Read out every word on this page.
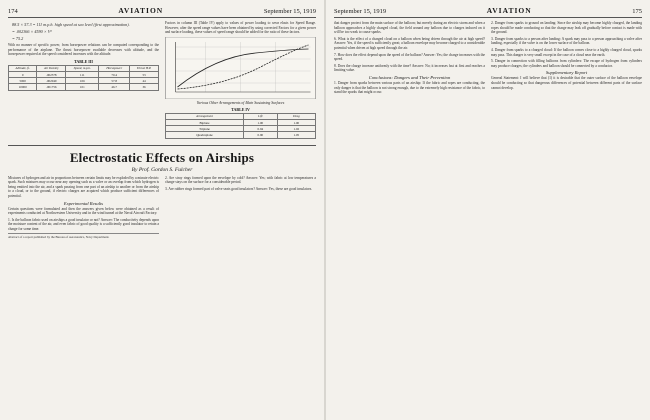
174	AVIATION	September 15, 1919
88.5 × 57.3 = 111 m.p.h. high speed at sea level (first approximation).
= .002366 × 4590 × V²
= 75.2

With no manner of specific power, from horsepower relations can be computed corresponding to the performance of the airplane. The thrust horsepower available decreases with altitude, and the horsepower required at the speed considered increases with the altitude.

TABLE III
Altitude, ft.	Air Density	Speed, m.p.h.	Horsepower	Thrust H.P.
0	.002378	111	70.4	53
5000	.002049	106	57.8	44
10000	.001756	101	46.7	36

Factors in column III (Table IV) apply to values of power loading to wear elasts for Speed Range. However, after the speed range values have been obtained by using corrected Factors for a given power and surface loading, these values of speed range should be added for the ratio of these factors.

Various Other Arrangements of Main Sustaining Surfaces
TABLE IV
Arrangement	Lift	Drag
Biplane	1.00	1.00
Triplane	0.94	1.02
Quadruplane	0.90	1.05
Electrostatic Effects on Airships
By Prof. Gordon S. Fulcher

Mixtures of hydrogen and air in proportions between certain limits may be exploded by a minute electric spark. Such mixtures may occur near any opening such as a valve or an overlap from which hydrogen is being emitted into the air, and a spark passing from one part of an airship to another or from the airship to a cloud, or to the ground, if electric charges are acquired which produce sufficient differences of potential.

Experimental Results

Certain questions were formulated and then the answers given below were obtained as a result of experiments conducted at Northwestern University and in the wind tunnel at the Naval Aircraft Factory.

1. Is the balloon fabric used on airships a good insulator or not? Answer: The conductivity depends upon the moisture content of the air, and even fabric of good quality is a sufficiently good insulator to retain a charge for some time.

Abstract of a report published by the Bureau of Aeronautics, Navy Department.

2. Are stray rings formed upon the envelope by cold? Answer: Yes; with fabric at low temperatures a charge stays on the surface for a considerable period.

3. Are rubber rings formed part of valve seats good insulators? Answer: Yes, these are good insulators.

September 15, 1919	AVIATION	175

that danger protect from the main surface of the balloon; but merely during an electric storm and when a balloon approaches a highly charged cloud, the field around any balloon due to charges induced on it will be too weak to cause sparks.

6. What is the effect of a charged cloud on a balloon when being driven through the air at high speed? Answer: Yes, if the speed is sufficiently great; a balloon envelope may become charged to a considerable potential when driven at high speed through the air.

7. How does the effect depend upon the speed of the balloon? Answer: Yes; the charge increases with the speed.

8. Does the charge increase uniformly with the time? Answer: No; it increases fast at first and reaches a limiting value.

Conclusions: Dangers and Their Prevention

1. Danger from sparks between various parts of an airship: If the fabric and ropes are conducting, the only danger is that the balloon is not strong enough, due to the extremely high resistance of the fabric, to stand the sparks that might occur.

2. Danger from sparks to ground on landing: Since the airship may become highly charged, the landing ropes should be made conducting so that the charge may leak off gradually before contact is made with the ground.

3. Danger from sparks to a person after landing: A spark may pass to a person approaching a valve after landing, especially if the valve is on the lower surface of the balloon.

4. Danger from sparks to a charged cloud: If the balloon comes close to a highly charged cloud, sparks may pass. This danger is very small except in the case of a cloud near the earth.

5. Danger in connection with filling balloons from cylinders: The escape of hydrogen from cylinders may produce charges; the cylinders and balloon should be connected by a conductor.

Supplementary Report

General Statement: I will believe that (1) it is desirable that the outer surface of the balloon envelope should be conducting so that dangerous differences of potential between different parts of the surface cannot develop.
